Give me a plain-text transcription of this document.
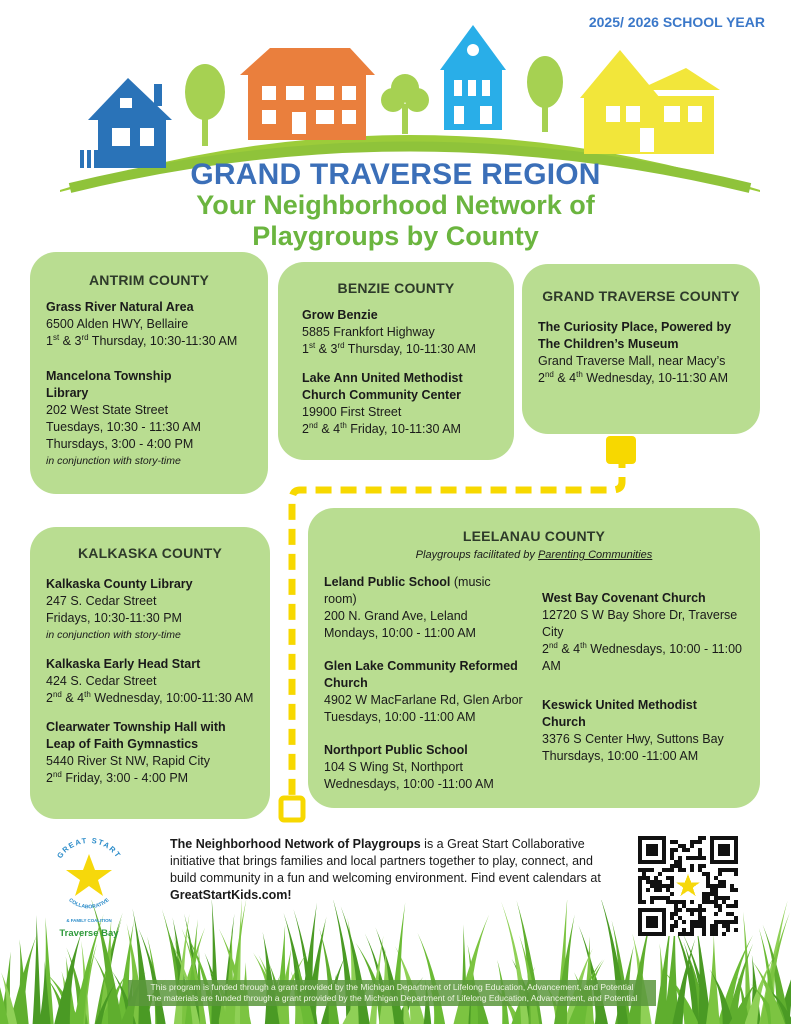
2025/ 2026 SCHOOL YEAR
GRAND TRAVERSE REGION
Your Neighborhood Network of
Playgroups by County
ANTRIM COUNTY
Grass River Natural Area
6500 Alden HWY, Bellaire
1st & 3rd Thursday, 10:30-11:30 AM
Mancelona Township Library
202 West State Street
Tuesdays, 10:30 - 11:30 AM
Thursdays, 3:00 - 4:00 PM
in conjunction with story-time
BENZIE COUNTY
Grow Benzie
5885 Frankfort Highway
1st & 3rd Thursday, 10-11:30 AM
Lake Ann United Methodist Church Community Center
19900 First Street
2nd & 4th Friday, 10-11:30 AM
GRAND TRAVERSE COUNTY
The Curiosity Place, Powered by The Children’s Museum
Grand Traverse Mall, near Macy’s
2nd & 4th Wednesday, 10-11:30 AM
KALKASKA COUNTY
Kalkaska County Library
247 S. Cedar Street
Fridays, 10:30-11:30 PM
in conjunction with story-time
Kalkaska Early Head Start
424 S. Cedar Street
2nd & 4th Wednesday, 10:00-11:30 AM
Clearwater Township Hall with Leap of Faith Gymnastics
5440 River St NW, Rapid City
2nd Friday, 3:00 - 4:00 PM
LEELANAU COUNTY
Playgroups facilitated by Parenting Communities
Leland Public School (music room)
200 N. Grand Ave, Leland
Mondays, 10:00 - 11:00 AM
Glen Lake Community Reformed Church
4902 W MacFarlane Rd, Glen Arbor
Tuesdays, 10:00 -11:00 AM
Northport Public School
104 S Wing St, Northport
Wednesdays, 10:00 -11:00 AM
West Bay Covenant Church
12720 S W Bay Shore Dr, Traverse City
2nd & 4th Wednesdays, 10:00 - 11:00 AM
Keswick United Methodist Church
3376 S Center Hwy, Suttons Bay
Thursdays, 10:00 -11:00 AM
GREAT START
COLLABORATIVE
& FAMILY COALITION
Traverse Bay
The Neighborhood Network of Playgroups is a Great Start Collaborative initiative that brings families and local partners together to play, connect, and build community in a fun and welcoming environment. Find event calendars at GreatStartKids.com!
This program is funded through a grant provided by the Michigan Department of Lifelong Education, Advancement, and Potential
The materials are funded through a grant provided by the Michigan Department of Lifelong Education, Advancement, and Potential
